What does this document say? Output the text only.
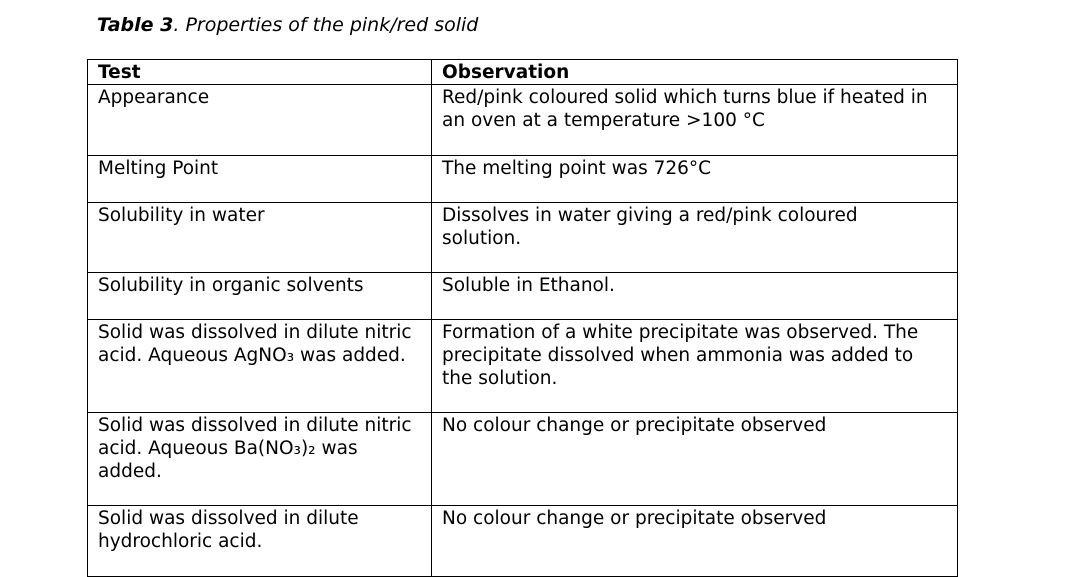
Table 3. Properties of the pink/red solid
Test	Observation
Appearance	Red/pink coloured solid which turns blue if heated in
an oven at a temperature >100 °C
Melting Point	The melting point was 726°C
Solubility in water	Dissolves in water giving a red/pink coloured
solution.
Solubility in organic solvents	Soluble in Ethanol.
Solid was dissolved in dilute nitric
acid. Aqueous AgNO₃ was added.	Formation of a white precipitate was observed. The
precipitate dissolved when ammonia was added to
the solution.
Solid was dissolved in dilute nitric
acid. Aqueous Ba(NO₃)₂ was
added.	No colour change or precipitate observed
Solid was dissolved in dilute
hydrochloric acid.	No colour change or precipitate observed
